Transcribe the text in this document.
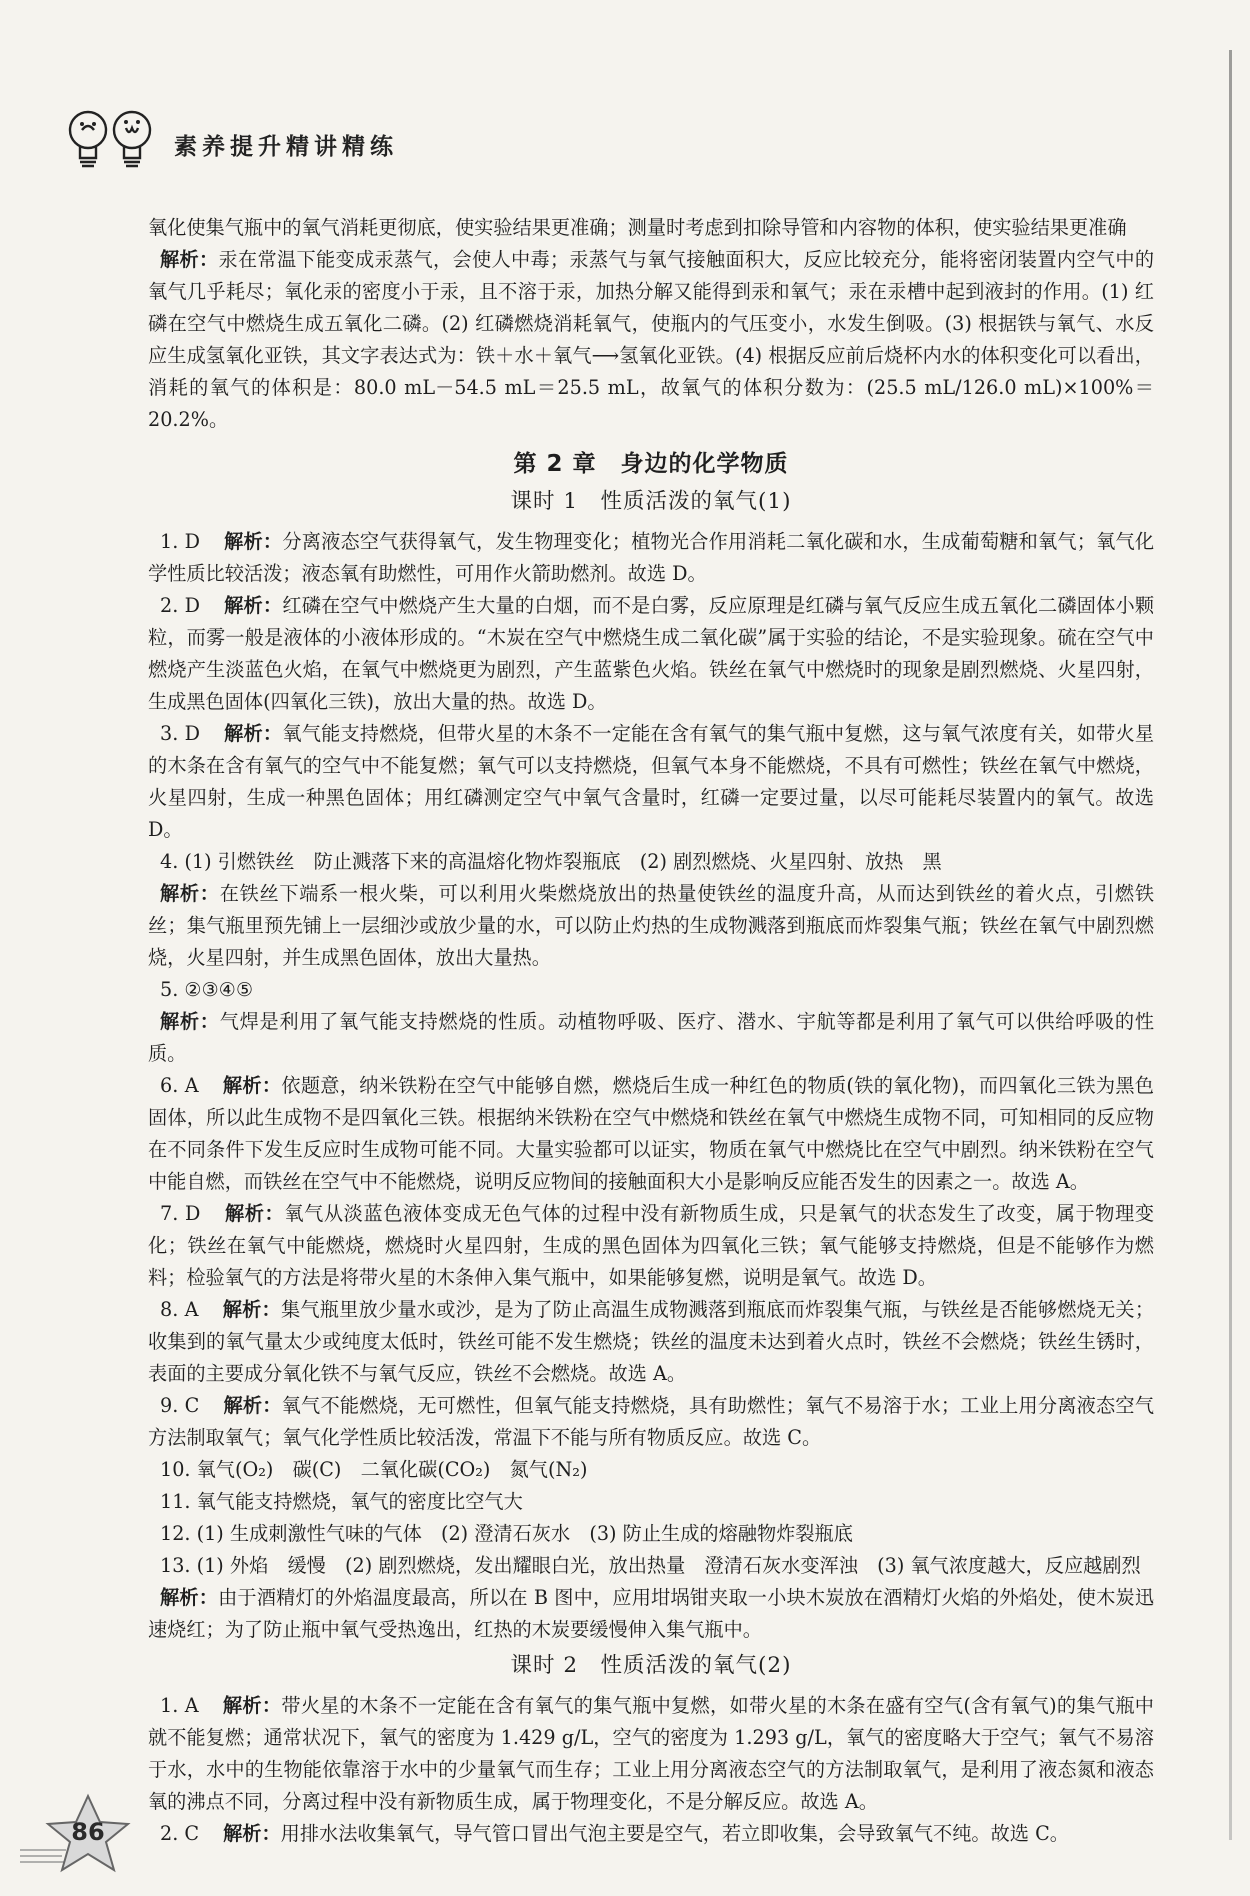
素养提升精讲精练

氧化使集气瓶中的氧气消耗更彻底，使实验结果更准确；测量时考虑到扣除导管和内容物的体积，使实验结果更准确

解析：汞在常温下能变成汞蒸气，会使人中毒；汞蒸气与氧气接触面积大，反应比较充分，能将密闭装置内空气中的氧气几乎耗尽；氧化汞的密度小于汞，且不溶于汞，加热分解又能得到汞和氧气；汞在汞槽中起到液封的作用。(1) 红磷在空气中燃烧生成五氧化二磷。(2) 红磷燃烧消耗氧气，使瓶内的气压变小，水发生倒吸。(3) 根据铁与氧气、水反应生成氢氧化亚铁，其文字表达式为：铁＋水＋氧气⟶氢氧化亚铁。(4) 根据反应前后烧杯内水的体积变化可以看出，消耗的氧气的体积是：80.0 mL－54.5 mL＝25.5 mL，故氧气的体积分数为：(25.5 mL/126.0 mL)×100%＝20.2%。

第 2 章　身边的化学物质
课时 1　性质活泼的氧气(1)

1. D 解析：分离液态空气获得氧气，发生物理变化；植物光合作用消耗二氧化碳和水，生成葡萄糖和氧气；氧气化学性质比较活泼；液态氧有助燃性，可用作火箭助燃剂。故选 D。

2. D 解析：红磷在空气中燃烧产生大量的白烟，而不是白雾，反应原理是红磷与氧气反应生成五氧化二磷固体小颗粒，而雾一般是液体的小液体形成的。“木炭在空气中燃烧生成二氧化碳”属于实验的结论，不是实验现象。硫在空气中燃烧产生淡蓝色火焰，在氧气中燃烧更为剧烈，产生蓝紫色火焰。铁丝在氧气中燃烧时的现象是剧烈燃烧、火星四射，生成黑色固体(四氧化三铁)，放出大量的热。故选 D。

3. D 解析：氧气能支持燃烧，但带火星的木条不一定能在含有氧气的集气瓶中复燃，这与氧气浓度有关，如带火星的木条在含有氧气的空气中不能复燃；氧气可以支持燃烧，但氧气本身不能燃烧，不具有可燃性；铁丝在氧气中燃烧，火星四射，生成一种黑色固体；用红磷测定空气中氧气含量时，红磷一定要过量，以尽可能耗尽装置内的氧气。故选 D。

4. (1) 引燃铁丝　防止溅落下来的高温熔化物炸裂瓶底　(2) 剧烈燃烧、火星四射、放热　黑

解析：在铁丝下端系一根火柴，可以利用火柴燃烧放出的热量使铁丝的温度升高，从而达到铁丝的着火点，引燃铁丝；集气瓶里预先铺上一层细沙或放少量的水，可以防止灼热的生成物溅落到瓶底而炸裂集气瓶；铁丝在氧气中剧烈燃烧，火星四射，并生成黑色固体，放出大量热。

5. ②③④⑤

解析：气焊是利用了氧气能支持燃烧的性质。动植物呼吸、医疗、潜水、宇航等都是利用了氧气可以供给呼吸的性质。

6. A 解析：依题意，纳米铁粉在空气中能够自燃，燃烧后生成一种红色的物质(铁的氧化物)，而四氧化三铁为黑色固体，所以此生成物不是四氧化三铁。根据纳米铁粉在空气中燃烧和铁丝在氧气中燃烧生成物不同，可知相同的反应物在不同条件下发生反应时生成物可能不同。大量实验都可以证实，物质在氧气中燃烧比在空气中剧烈。纳米铁粉在空气中能自燃，而铁丝在空气中不能燃烧，说明反应物间的接触面积大小是影响反应能否发生的因素之一。故选 A。

7. D 解析：氧气从淡蓝色液体变成无色气体的过程中没有新物质生成，只是氧气的状态发生了改变，属于物理变化；铁丝在氧气中能燃烧，燃烧时火星四射，生成的黑色固体为四氧化三铁；氧气能够支持燃烧，但是不能够作为燃料；检验氧气的方法是将带火星的木条伸入集气瓶中，如果能够复燃，说明是氧气。故选 D。

8. A 解析：集气瓶里放少量水或沙，是为了防止高温生成物溅落到瓶底而炸裂集气瓶，与铁丝是否能够燃烧无关；收集到的氧气量太少或纯度太低时，铁丝可能不发生燃烧；铁丝的温度未达到着火点时，铁丝不会燃烧；铁丝生锈时，表面的主要成分氧化铁不与氧气反应，铁丝不会燃烧。故选 A。

9. C 解析：氧气不能燃烧，无可燃性，但氧气能支持燃烧，具有助燃性；氧气不易溶于水；工业上用分离液态空气方法制取氧气；氧气化学性质比较活泼，常温下不能与所有物质反应。故选 C。

10. 氧气(O₂)　碳(C)　二氧化碳(CO₂)　氮气(N₂)

11. 氧气能支持燃烧，氧气的密度比空气大

12. (1) 生成刺激性气味的气体　(2) 澄清石灰水　(3) 防止生成的熔融物炸裂瓶底

13. (1) 外焰　缓慢　(2) 剧烈燃烧，发出耀眼白光，放出热量　澄清石灰水变浑浊　(3) 氧气浓度越大，反应越剧烈

解析：由于酒精灯的外焰温度最高，所以在 B 图中，应用坩埚钳夹取一小块木炭放在酒精灯火焰的外焰处，使木炭迅速烧红；为了防止瓶中氧气受热逸出，红热的木炭要缓慢伸入集气瓶中。

课时 2　性质活泼的氧气(2)

1. A 解析：带火星的木条不一定能在含有氧气的集气瓶中复燃，如带火星的木条在盛有空气(含有氧气)的集气瓶中就不能复燃；通常状况下，氧气的密度为 1.429 g/L，空气的密度为 1.293 g/L，氧气的密度略大于空气；氧气不易溶于水，水中的生物能依靠溶于水中的少量氧气而生存；工业上用分离液态空气的方法制取氧气，是利用了液态氮和液态氧的沸点不同，分离过程中没有新物质生成，属于物理变化，不是分解反应。故选 A。

2. C 解析：用排水法收集氧气，导气管口冒出气泡主要是空气，若立即收集，会导致氧气不纯。故选 C。

86
